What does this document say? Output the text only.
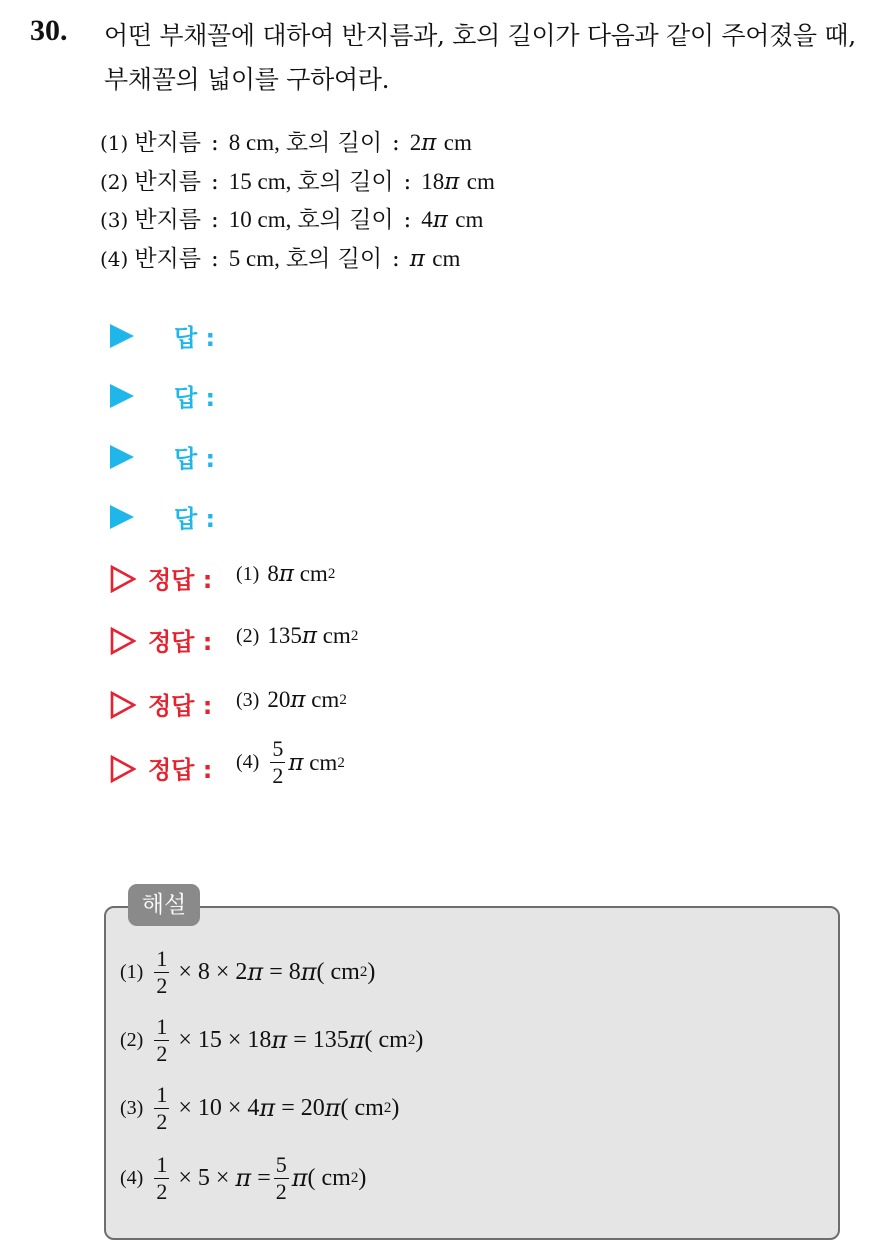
30. 어떤 부채꼴에 대하여 반지름과, 호의 길이가 다음과 같이 주어졌을 때, 부채꼴의 넓이를 구하여라.
(1) 반지름 : 8 cm, 호의 길이 : 2π cm
(2) 반지름 : 15 cm, 호의 길이 : 18π cm
(3) 반지름 : 10 cm, 호의 길이 : 4π cm
(4) 반지름 : 5 cm, 호의 길이 : π cm
답 :
답 :
답 :
답 :
정답 : (1) 8 π
cm 2
정답 : (2) 135 π
cm 2
정답 : (3) 20 π
cm 2
정답 : $(4) \frac{5}{2}$ π
cm 2
해설
$(1) \frac{1}{2}$
× 8 × 2 π
=
8 π (
cm 2 )
$(2) \frac{1}{2}$
× 15 × 18 π
=
135 π (
cm 2 )
$(3) \frac{1}{2}$
× 10 × 4 π
=
20 π (
cm 2 )
$(4) \frac{1}{2}$
× 5 ×
π
= $\frac{5}{2}$ π (
cm 2 )
